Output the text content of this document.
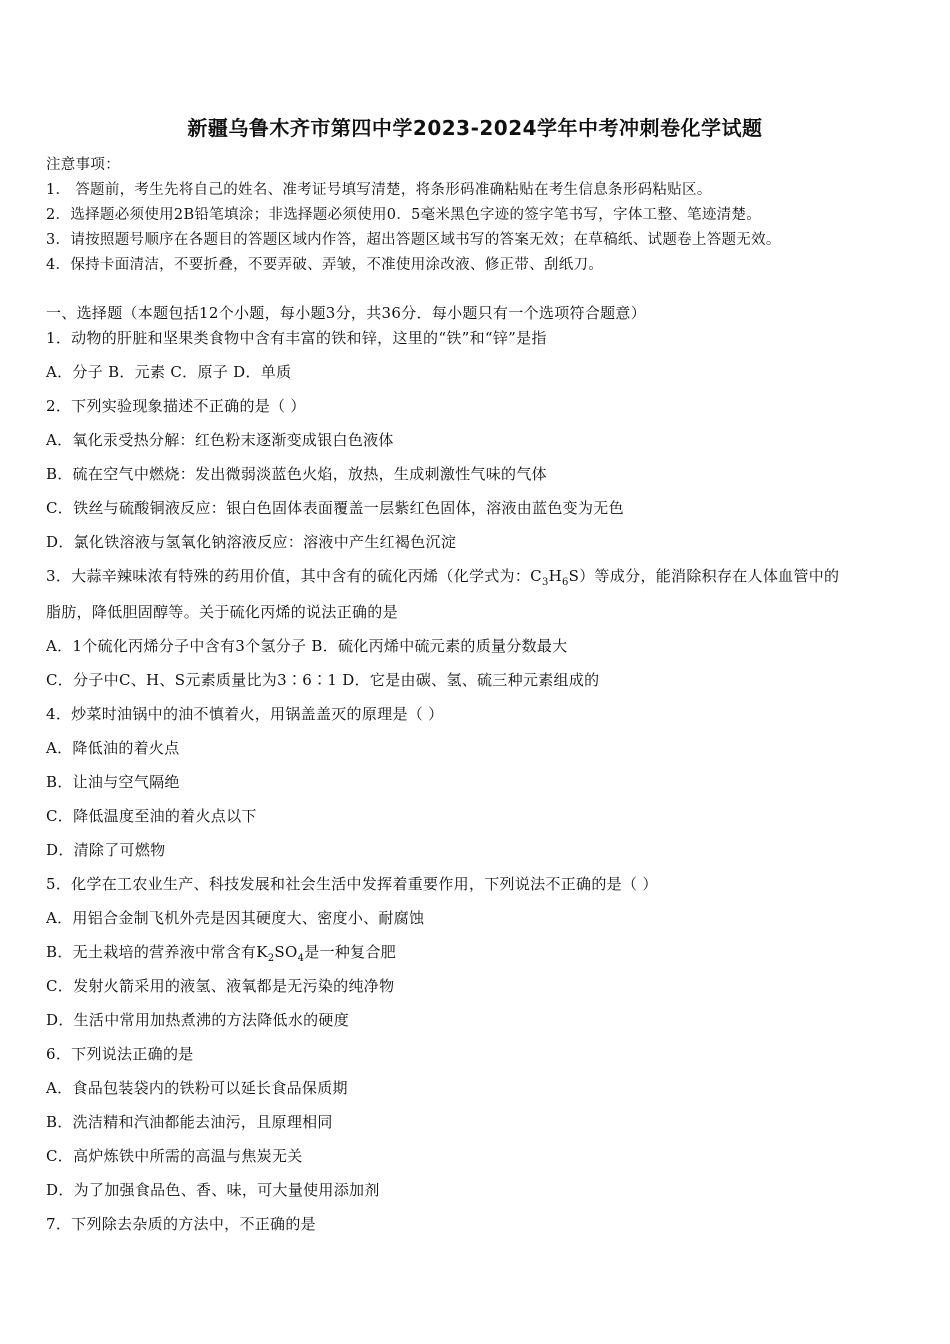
新疆乌鲁木齐市第四中学2023-2024学年中考冲刺卷化学试题
注意事项：
1． 答题前，考生先将自己的姓名、准考证号填写清楚，将条形码准确粘贴在考生信息条形码粘贴区。
2．选择题必须使用2B铅笔填涂；非选择题必须使用0．5毫米黑色字迹的签字笔书写，字体工整、笔迹清楚。
3．请按照题号顺序在各题目的答题区域内作答，超出答题区域书写的答案无效；在草稿纸、试题卷上答题无效。
4．保持卡面清洁，不要折叠，不要弄破、弄皱，不准使用涂改液、修正带、刮纸刀。
一、选择题（本题包括12个小题，每小题3分，共36分．每小题只有一个选项符合题意）
1．动物的肝脏和坚果类食物中含有丰富的铁和锌，这里的“铁”和“锌”是指
A．分子 B．元素 C．原子 D．单质
2．下列实验现象描述不正确的是（ ）
A．氧化汞受热分解：红色粉末逐渐变成银白色液体
B．硫在空气中燃烧：发出微弱淡蓝色火焰，放热，生成刺激性气味的气体
C．铁丝与硫酸铜液反应：银白色固体表面覆盖一层紫红色固体，溶液由蓝色变为无色
D．氯化铁溶液与氢氧化钠溶液反应：溶液中产生红褐色沉淀
3．大蒜辛辣味浓有特殊的药用价值，其中含有的硫化丙烯（化学式为：$C_3H_6S$）等成分，能消除积存在人体血管中的
脂肪，降低胆固醇等。关于硫化丙烯的说法正确的是
A．1个硫化丙烯分子中含有3个氢分子 B．硫化丙烯中硫元素的质量分数最大
C．分子中C、H、S元素质量比为3∶6∶1 D．它是由碳、氢、硫三种元素组成的
4．炒菜时油锅中的油不慎着火，用锅盖盖灭的原理是（ ）
A．降低油的着火点
B．让油与空气隔绝
C．降低温度至油的着火点以下
D．清除了可燃物
5．化学在工农业生产、科技发展和社会生活中发挥着重要作用，下列说法不正确的是（ ）
A．用铝合金制飞机外壳是因其硬度大、密度小、耐腐蚀
B．无土栽培的营养液中常含有$K_2SO_4$是一种复合肥
C．发射火箭采用的液氢、液氧都是无污染的纯净物
D．生活中常用加热煮沸的方法降低水的硬度
6．下列说法正确的是
A．食品包装袋内的铁粉可以延长食品保质期
B．洗洁精和汽油都能去油污，且原理相同
C．高炉炼铁中所需的高温与焦炭无关
D．为了加强食品色、香、味，可大量使用添加剂
7．下列除去杂质的方法中，不正确的是
